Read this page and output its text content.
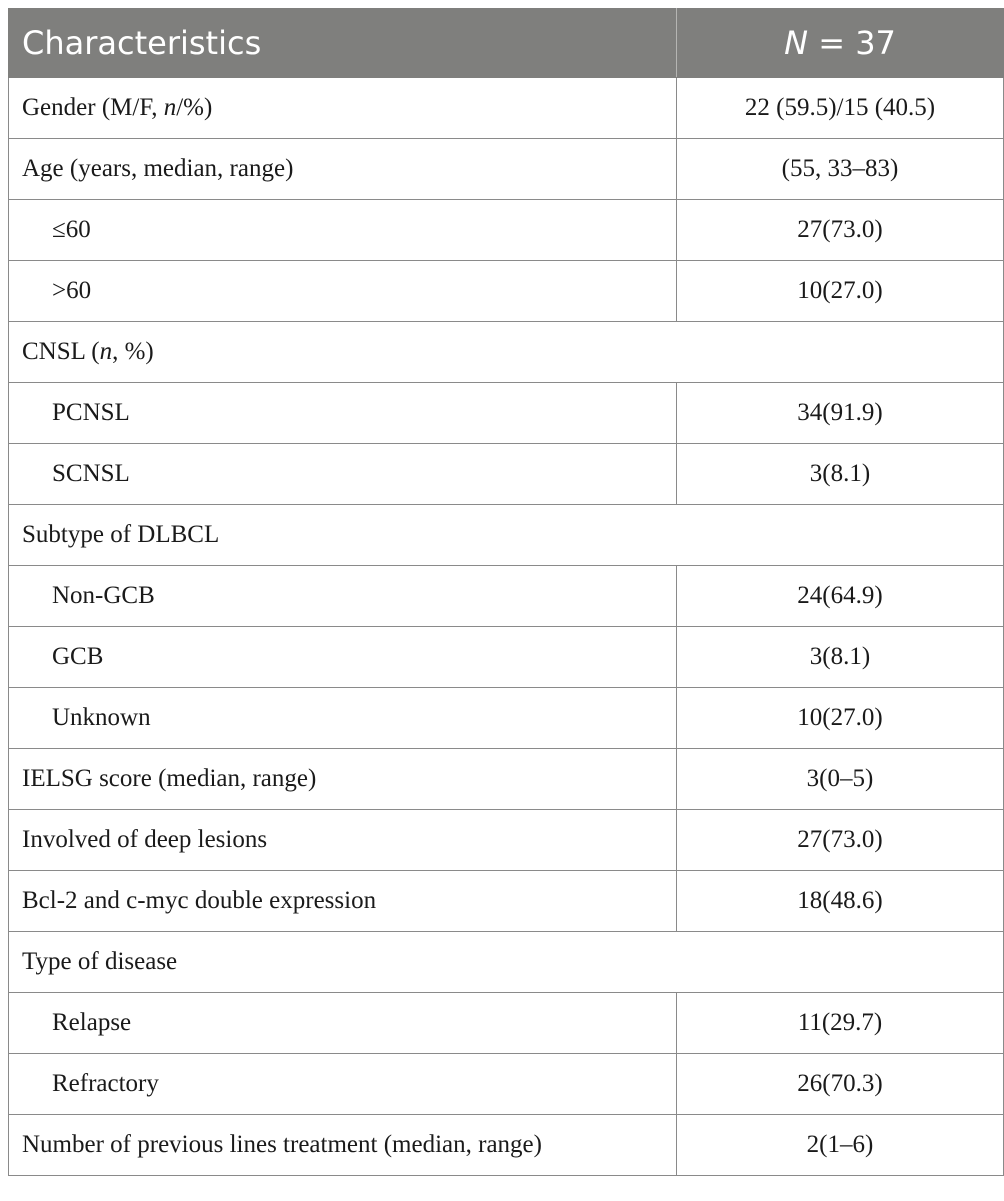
Characteristics	N = 37
Gender (M/F, n/%)	22 (59.5)/15 (40.5)
Age (years, median, range)	(55, 33–83)
≤60	27(73.0)
>60	10(27.0)
CNSL (n, %)	
PCNSL	34(91.9)
SCNSL	3(8.1)
Subtype of DLBCL	
Non-GCB	24(64.9)
GCB	3(8.1)
Unknown	10(27.0)
IELSG score (median, range)	3(0–5)
Involved of deep lesions	27(73.0)
Bcl-2 and c-myc double expression	18(48.6)
Type of disease	
Relapse	11(29.7)
Refractory	26(70.3)
Number of previous lines treatment (median, range)	2(1–6)
